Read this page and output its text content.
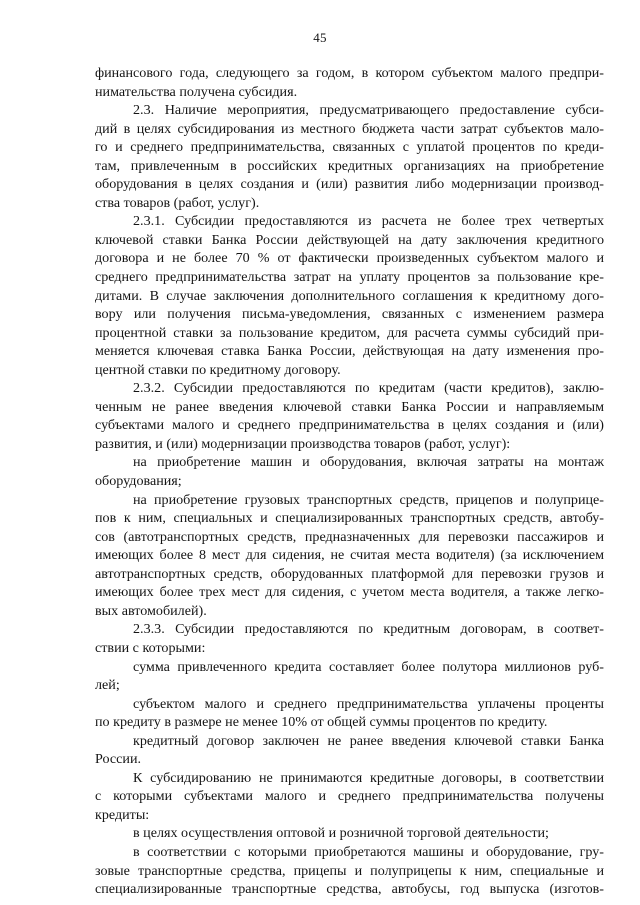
45
финансового года, следующего за годом, в котором субъектом малого предпри-
нимательства получена субсидия.
2.3. Наличие мероприятия, предусматривающего предоставление субси-
дий в целях субсидирования из местного бюджета части затрат субъектов мало-
го и среднего предпринимательства, связанных с уплатой процентов по креди-
там, привлеченным в российских кредитных организациях на приобретение
оборудования в целях создания и (или) развития либо модернизации производ-
ства товаров (работ, услуг).
2.3.1. Субсидии предоставляются из расчета не более трех четвертых
ключевой ставки Банка России действующей на дату заключения кредитного
договора и не более 70 % от фактически произведенных субъектом малого и
среднего предпринимательства затрат на уплату процентов за пользование кре-
дитами. В случае заключения дополнительного соглашения к кредитному дого-
вору или получения письма-уведомления, связанных с изменением размера
процентной ставки за пользование кредитом, для расчета суммы субсидий при-
меняется ключевая ставка Банка России, действующая на дату изменения про-
центной ставки по кредитному договору.
2.3.2. Субсидии предоставляются по кредитам (части кредитов), заклю-
ченным не ранее введения ключевой ставки Банка России и направляемым
субъектами малого и среднего предпринимательства в целях создания и (или)
развития, и (или) модернизации производства товаров (работ, услуг):
на приобретение машин и оборудования, включая затраты на монтаж
оборудования;
на приобретение грузовых транспортных средств, прицепов и полуприце-
пов к ним, специальных и специализированных транспортных средств, автобу-
сов (автотранспортных средств, предназначенных для перевозки пассажиров и
имеющих более 8 мест для сидения, не считая места водителя) (за исключением
автотранспортных средств, оборудованных платформой для перевозки грузов и
имеющих более трех мест для сидения, с учетом места водителя, а также легко-
вых автомобилей).
2.3.3. Субсидии предоставляются по кредитным договорам, в соответ-
ствии с которыми:
сумма привлеченного кредита составляет более полутора миллионов руб-
лей;
субъектом малого и среднего предпринимательства уплачены проценты
по кредиту в размере не менее 10% от общей суммы процентов по кредиту.
кредитный договор заключен не ранее введения ключевой ставки Банка
России.
К субсидированию не принимаются кредитные договоры, в соответствии
с которыми субъектами малого и среднего предпринимательства получены
кредиты:
в целях осуществления оптовой и розничной торговой деятельности;
в соответствии с которыми приобретаются машины и оборудование, гру-
зовые транспортные средства, прицепы и полуприцепы к ним, специальные и
специализированные транспортные средства, автобусы, год выпуска (изготов-
